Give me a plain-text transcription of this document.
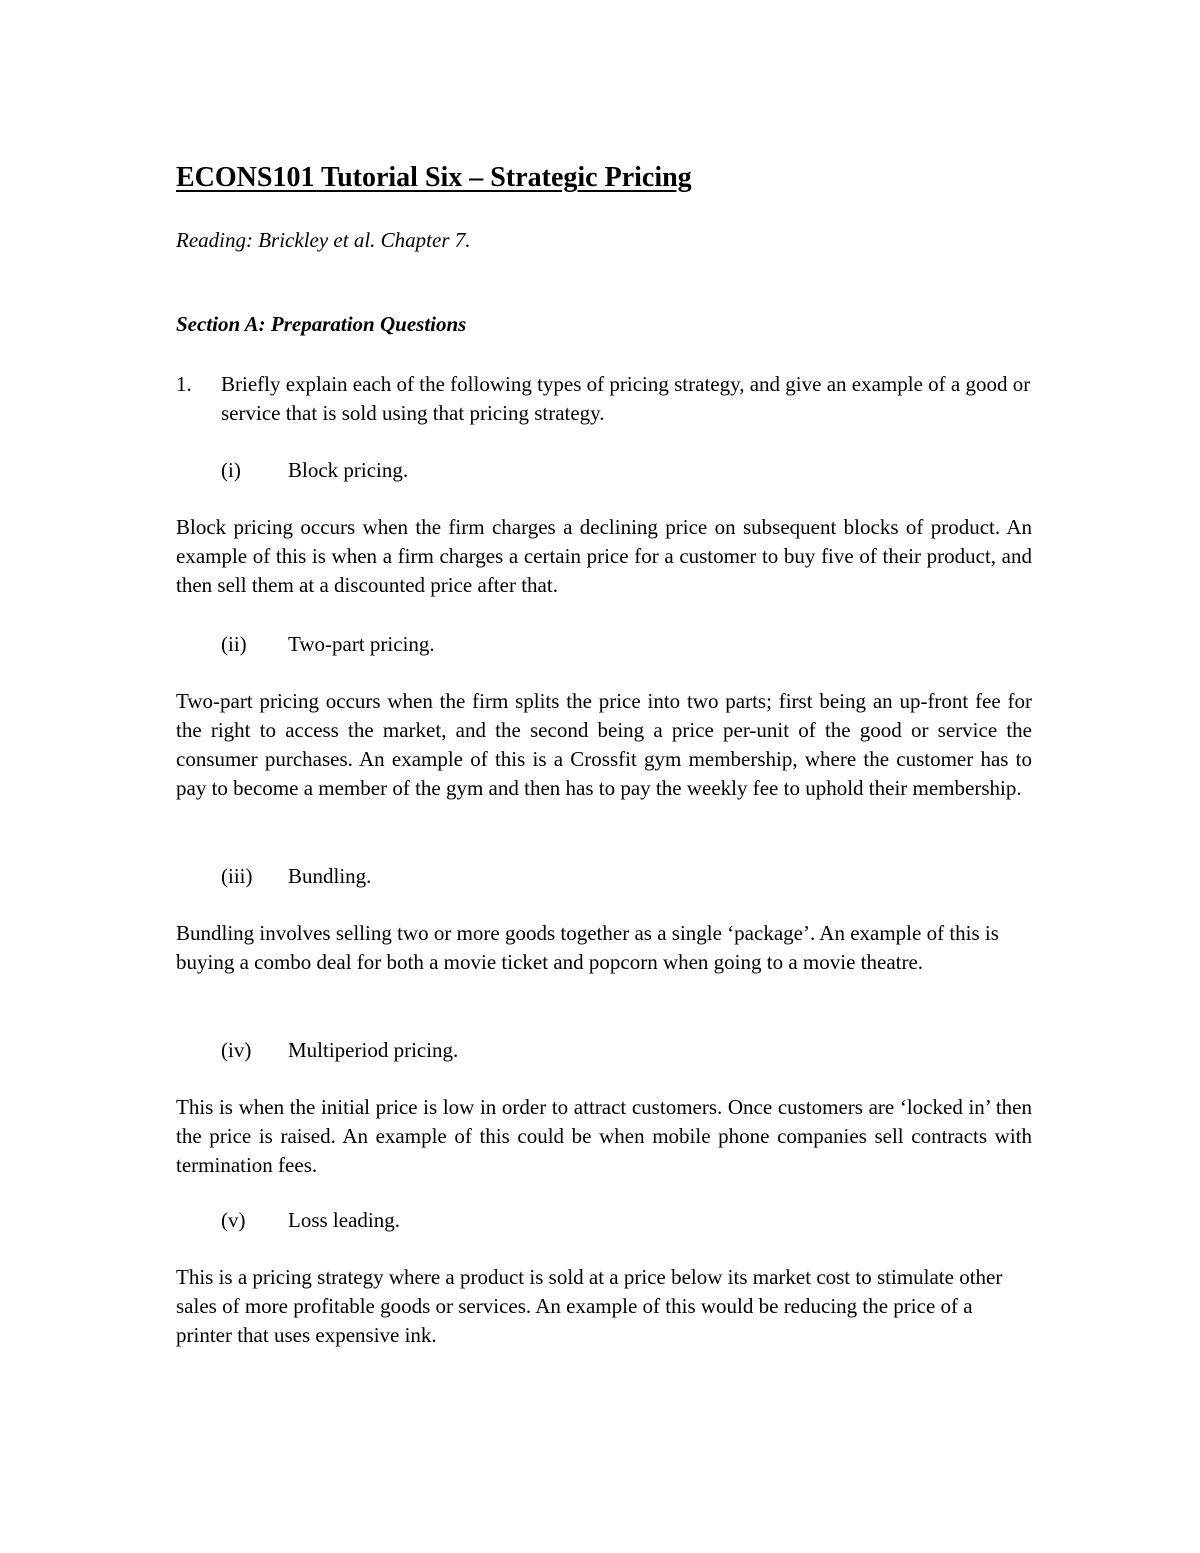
ECONS101 Tutorial Six – Strategic Pricing
Reading: Brickley et al. Chapter 7.
Section A: Preparation Questions
1. Briefly explain each of the following types of pricing strategy, and give an example of a good or service that is sold using that pricing strategy.
(i) Block pricing.
Block pricing occurs when the firm charges a declining price on subsequent blocks of product. An example of this is when a firm charges a certain price for a customer to buy five of their product, and then sell them at a discounted price after that.
(ii) Two-part pricing.
Two-part pricing occurs when the firm splits the price into two parts; first being an up-front fee for the right to access the market, and the second being a price per-unit of the good or service the consumer purchases. An example of this is a Crossfit gym membership, where the customer has to pay to become a member of the gym and then has to pay the weekly fee to uphold their membership.
(iii) Bundling.
Bundling involves selling two or more goods together as a single ‘package’. An example of this is buying a combo deal for both a movie ticket and popcorn when going to a movie theatre.
(iv) Multiperiod pricing.
This is when the initial price is low in order to attract customers. Once customers are ‘locked in’ then the price is raised. An example of this could be when mobile phone companies sell contracts with termination fees.
(v) Loss leading.
This is a pricing strategy where a product is sold at a price below its market cost to stimulate other sales of more profitable goods or services. An example of this would be reducing the price of a printer that uses expensive ink.
